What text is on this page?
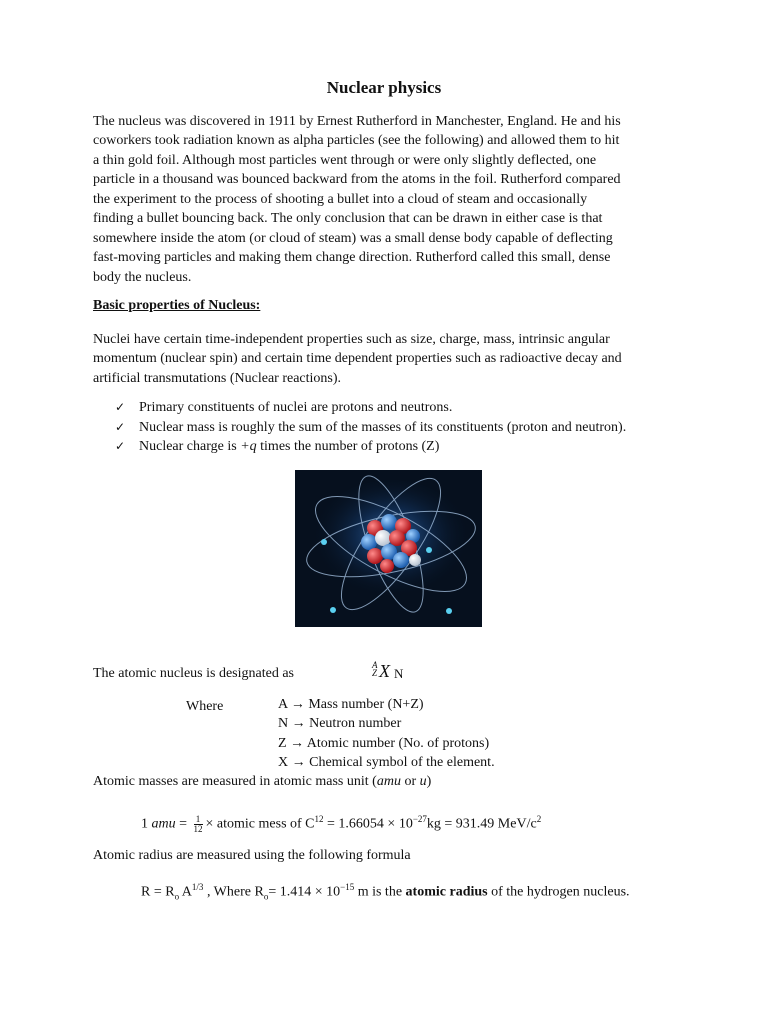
Nuclear physics

The nucleus was discovered in 1911 by Ernest Rutherford in Manchester, England. He and his

coworkers took radiation known as alpha particles (see the following) and allowed them to hit

a thin gold foil. Although most particles went through or were only slightly deflected, one

particle in a thousand was bounced backward from the atoms in the foil. Rutherford compared

the experiment to the process of shooting a bullet into a cloud of steam and occasionally

finding a bullet bouncing back. The only conclusion that can be drawn in either case is that

somewhere inside the atom (or cloud of steam) was a small dense body capable of deflecting

fast-moving particles and making them change direction. Rutherford called this small, dense

body the nucleus.

Basic properties of Nucleus:

Nuclei have certain time-independent properties such as size, charge, mass, intrinsic angular

momentum (nuclear spin) and certain time dependent properties such as radioactive decay and

artificial transmutations (Nuclear reactions).

✓ Primary constituents of nuclei are protons and neutrons.
✓ Nuclear mass is roughly the sum of the masses of its constituents (proton and neutron).
✓ Nuclear charge is +q times the number of protons (Z)

The atomic nucleus is designated as

A
Z X N

Where	A → Mass number (N+Z)

N → Neutron number

Z → Atomic number (No. of protons)

X → Chemical symbol of the element.

Atomic masses are measured in atomic mass unit (amu or u)

1 amu = $\frac{1}{12}$ × atomic mess of $C^{12} = 1.66054 \times 10^{-27}kg = 931.49$ MeV/$c^2$

Atomic radius are measured using the following formula

$R = R_o$ $A^{1/3}$ , Where $R_o= 1.414 \times 10^{-15}$ m is the atomic radius of the hydrogen nucleus.
